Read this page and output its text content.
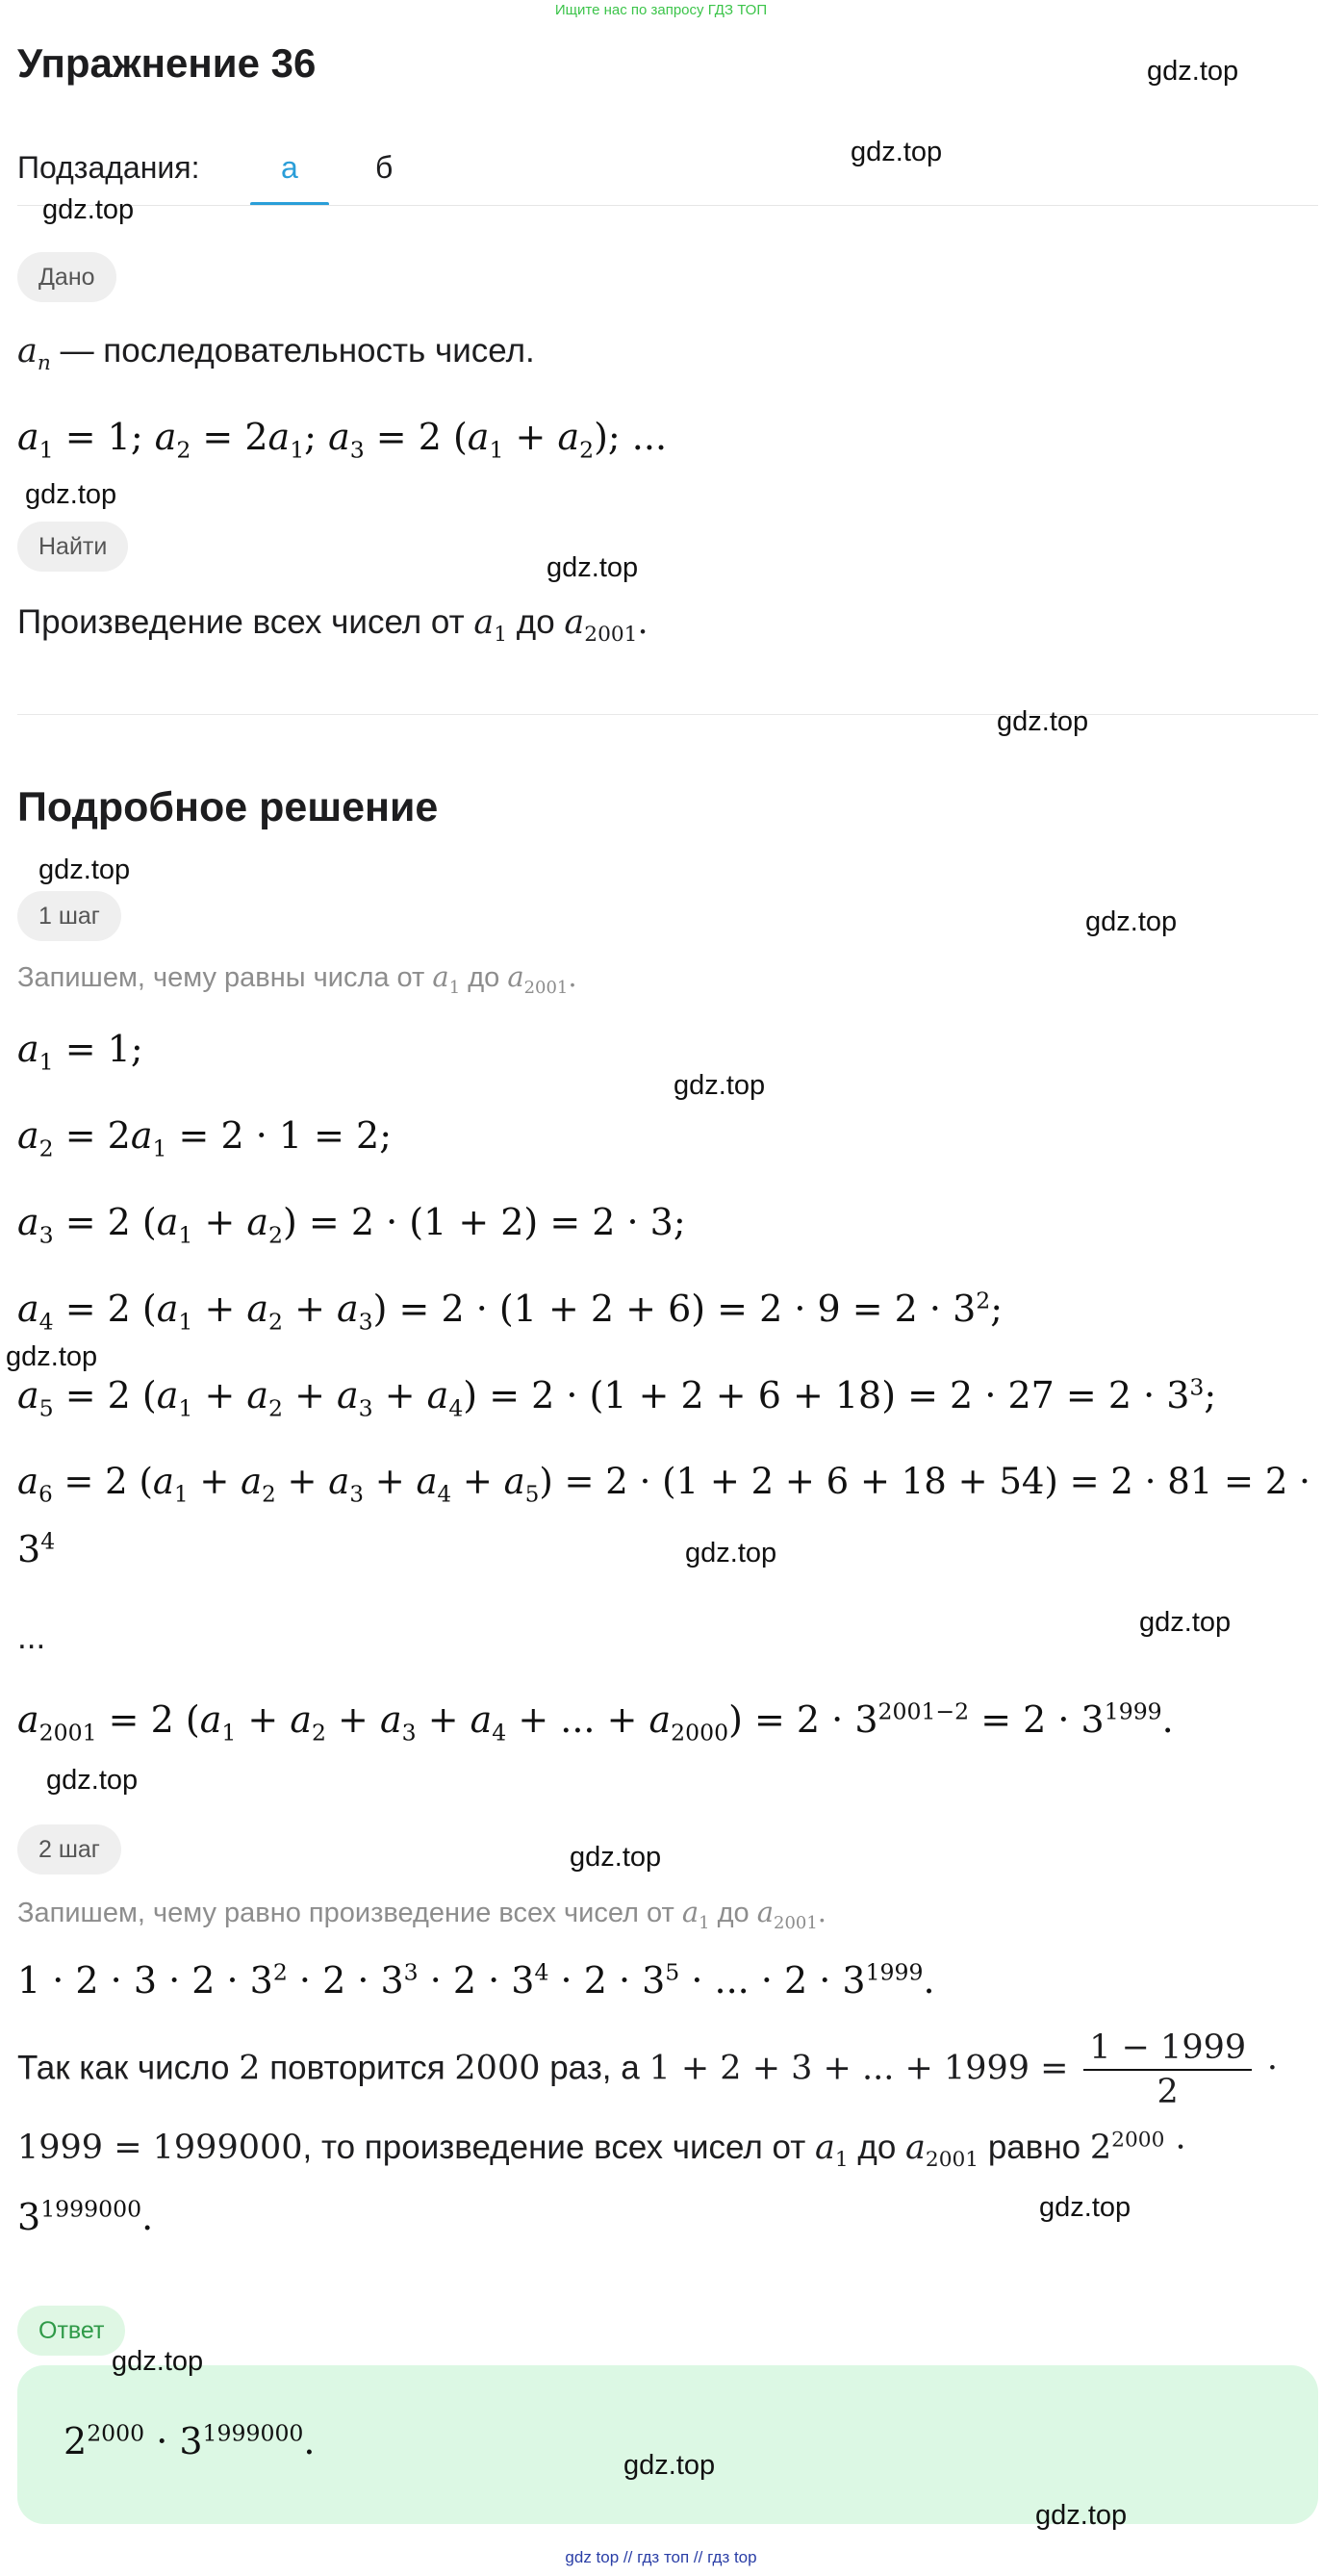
Ищите нас по запросу ГДЗ ТОП
Упражнение 36
Подзадания:	а	б
Дано
$a_n$ — последовательность чисел.
$a_1 = 1$; $a_2 = 2a_1$; $a_3 = 2$ $(a_1 + a_2)$; ...
Найти
Произведение всех чисел от $a_1$ до $a_{2001}$.
Подробное решение
1 шаг
Запишем, чему равны числа от $a_1$ до $a_{2001}$.
$a_1 = 1$;
$a_2 = 2a_1 = 2 \cdot 1 = 2$;
$a_3 = 2$ $(a_1 + a_2) = 2 \cdot (1 + 2) = 2 \cdot 3$;
$a_4 = 2$ $(a_1 + a_2 + a_3) = 2 \cdot (1 + 2 + 6) = 2 \cdot 9 = 2 \cdot 3^2$;
$a_5 = 2$ $(a_1 + a_2 + a_3 + a_4) = 2 \cdot (1 + 2 + 6 + 18) = 2 \cdot 27 = 2 \cdot 3^3$;
$a_6 = 2$ $(a_1 + a_2 + a_3 + a_4 + a_5) = 2 \cdot (1 + 2 + 6 + 18 + 54) = 2 \cdot 81 = 2$ ·
$3^4$
...
$a_{2001} = 2$ ($a_1 + a_2 + a_3 + a_4$ + ... + $a_{2000}) = 2 \cdot 3^{2001-2} = 2 \cdot 3^{1999}$.
2 шаг
Запишем, чему равно произведение всех чисел от $a_1$ до $a_{2001}$.
$1 \cdot 2 \cdot 3 \cdot 2 \cdot 3^2 \cdot 2 \cdot 3^3 \cdot 2 \cdot 3^4 \cdot 2 \cdot 3^5$ · ... · $2 \cdot 3^{1999}$.
Так как число 2 повторится 2000 раз, а 1 + 2 + 3 + ... + $1999 = \frac{1 - 1999}{2}$ ·
1999 = 1999000, то произведение всех чисел от $a_1$ до $a_{2001}$ равно $2^{2000}$ ·
$3^{1999000}$.
Ответ
$2^{2000} \cdot 3^{1999000}$.
gdz.top
gdz.top
gdz.top
gdz.top
gdz.top
gdz.top
gdz.top
gdz.top
gdz.top
gdz.top
gdz.top
gdz.top
gdz.top
gdz.top
gdz.top
gdz.top
gdz.top
gdz.top
gdz top // гдз топ // гдз top
